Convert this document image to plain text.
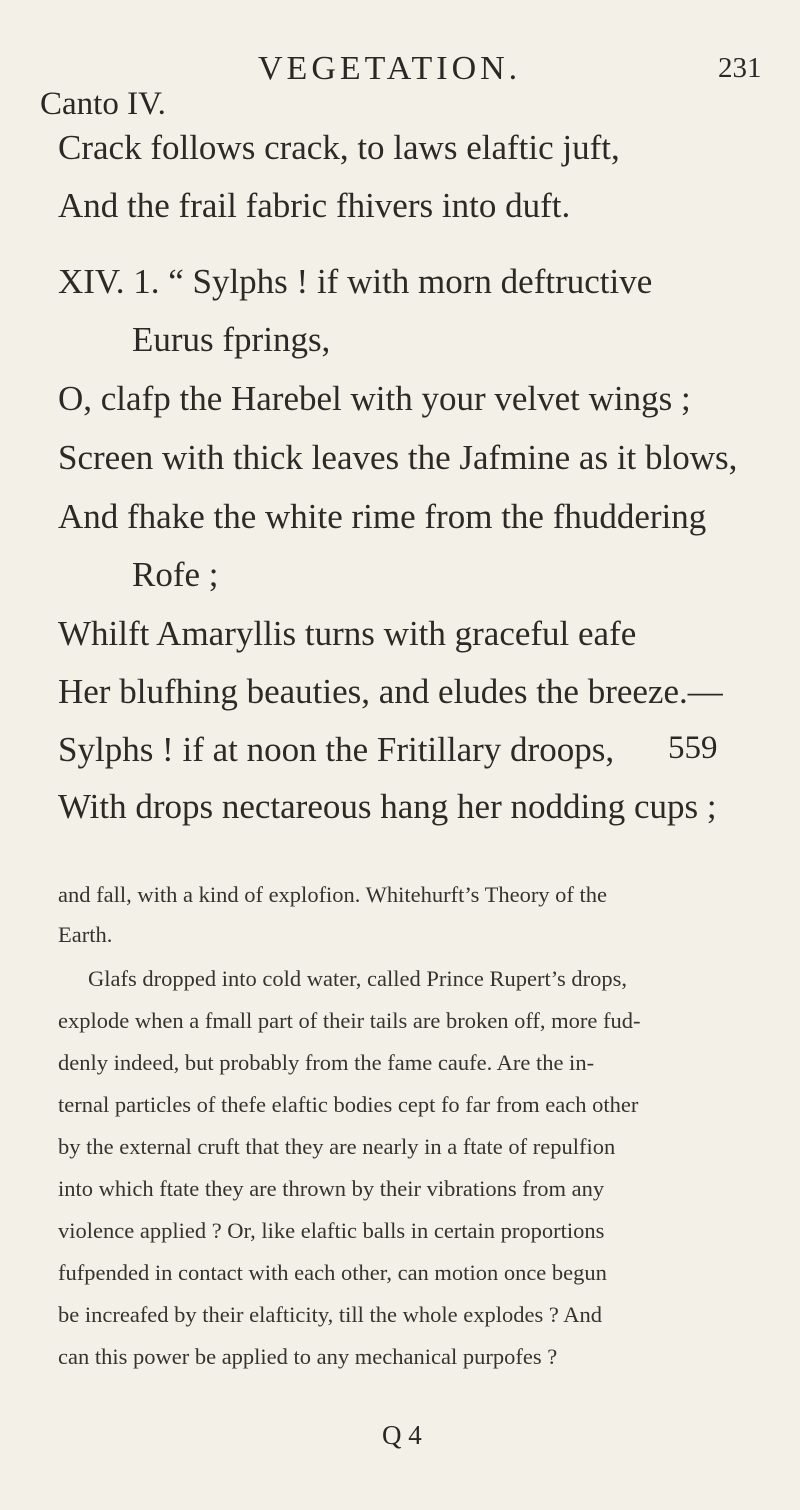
Canto IV.
VEGETATION.	231
Crack follows crack, to laws elaftic juft,
And the frail fabric fhivers into duft.
XIV. 1. “ Sylphs ! if with morn deftructive
Eurus fprings,
O, clafp the Harebel with your velvet wings ;
Screen with thick leaves the Jafmine as it blows,
And fhake the white rime from the fhuddering
Rofe ;
Whilft Amaryllis turns with graceful eafe
Her blufhing beauties, and eludes the breeze.—
Sylphs ! if at noon the Fritillary droops,
With drops nectareous hang her nodding cups ;
559
and fall, with a kind of explofion. Whitehurft’s Theory of the
Earth.
Glafs dropped into cold water, called Prince Rupert’s drops,
explode when a fmall part of their tails are broken off, more fud-
denly indeed, but probably from the fame caufe. Are the in-
ternal particles of thefe elaftic bodies cept fo far from each other
by the external cruft that they are nearly in a ftate of repulfion
into which ftate they are thrown by their vibrations from any
violence applied ? Or, like elaftic balls in certain proportions
fufpended in contact with each other, can motion once begun
be increafed by their elafticity, till the whole explodes ? And
can this power be applied to any mechanical purpofes ?
Q 4
